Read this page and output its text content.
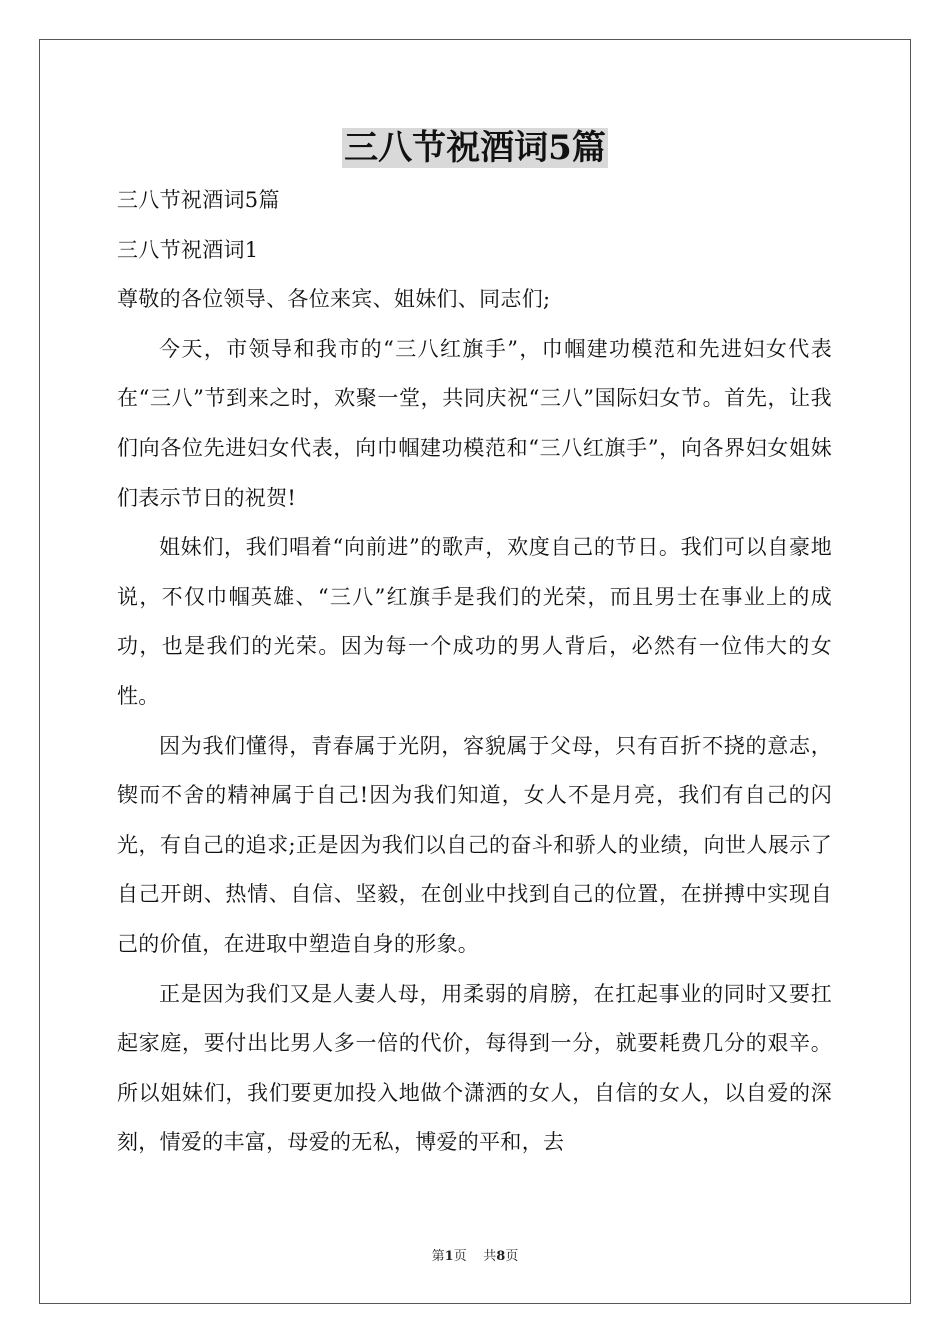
三八节祝酒词5篇

三八节祝酒词5篇

三八节祝酒词1

尊敬的各位领导、各位来宾、姐妹们、同志们;

今天，市领导和我市的“三八红旗手”，巾帼建功模范和先进妇女代表在“三八”节到来之时，欢聚一堂，共同庆祝“三八”国际妇女节。首先，让我们向各位先进妇女代表，向巾帼建功模范和“三八红旗手”，向各界妇女姐妹们表示节日的祝贺!

姐妹们，我们唱着“向前进”的歌声，欢度自己的节日。我们可以自豪地说，不仅巾帼英雄、“三八”红旗手是我们的光荣，而且男士在事业上的成功，也是我们的光荣。因为每一个成功的男人背后，必然有一位伟大的女性。

因为我们懂得，青春属于光阴，容貌属于父母，只有百折不挠的意志，锲而不舍的精神属于自己!因为我们知道，女人不是月亮，我们有自己的闪光，有自己的追求;正是因为我们以自己的奋斗和骄人的业绩，向世人展示了自己开朗、热情、自信、坚毅，在创业中找到自己的位置，在拼搏中实现自己的价值，在进取中塑造自身的形象。

正是因为我们又是人妻人母，用柔弱的肩膀，在扛起事业的同时又要扛起家庭，要付出比男人多一倍的代价，每得到一分，就要耗费几分的艰辛。所以姐妹们，我们要更加投入地做个潇洒的女人，自信的女人，以自爱的深刻，情爱的丰富，母爱的无私，博爱的平和，去

第1页 共8页
